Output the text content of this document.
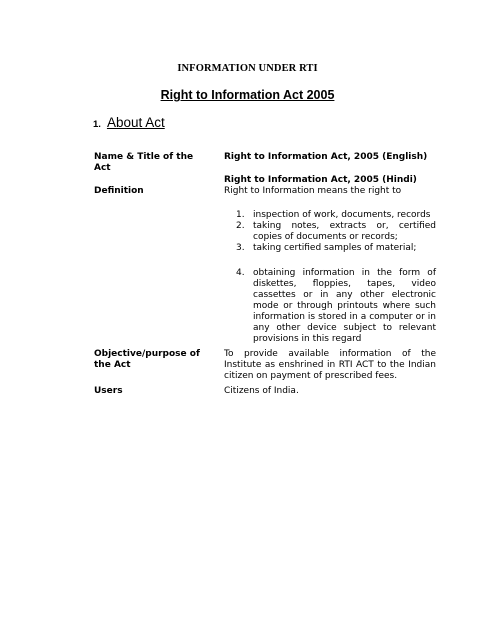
INFORMATION UNDER RTI
Right to Information Act 2005
1. About Act
Name & Title of the Act
Right to Information Act, 2005 (English)
Right to Information Act, 2005 (Hindi)
Definition	Right to Information means the right to
1. inspection of work, documents, records
2. taking notes, extracts or, certified copies of documents or records;
3. taking certified samples of material;
4. obtaining information in the form of diskettes, floppies, tapes, video cassettes or in any other electronic mode or through printouts where such information is stored in a computer or in any other device subject to relevant provisions in this regard
Objective/purpose of the Act
To provide available information of the Institute as enshrined in RTI ACT to the Indian citizen on payment of prescribed fees.
Users	Citizens of India.
